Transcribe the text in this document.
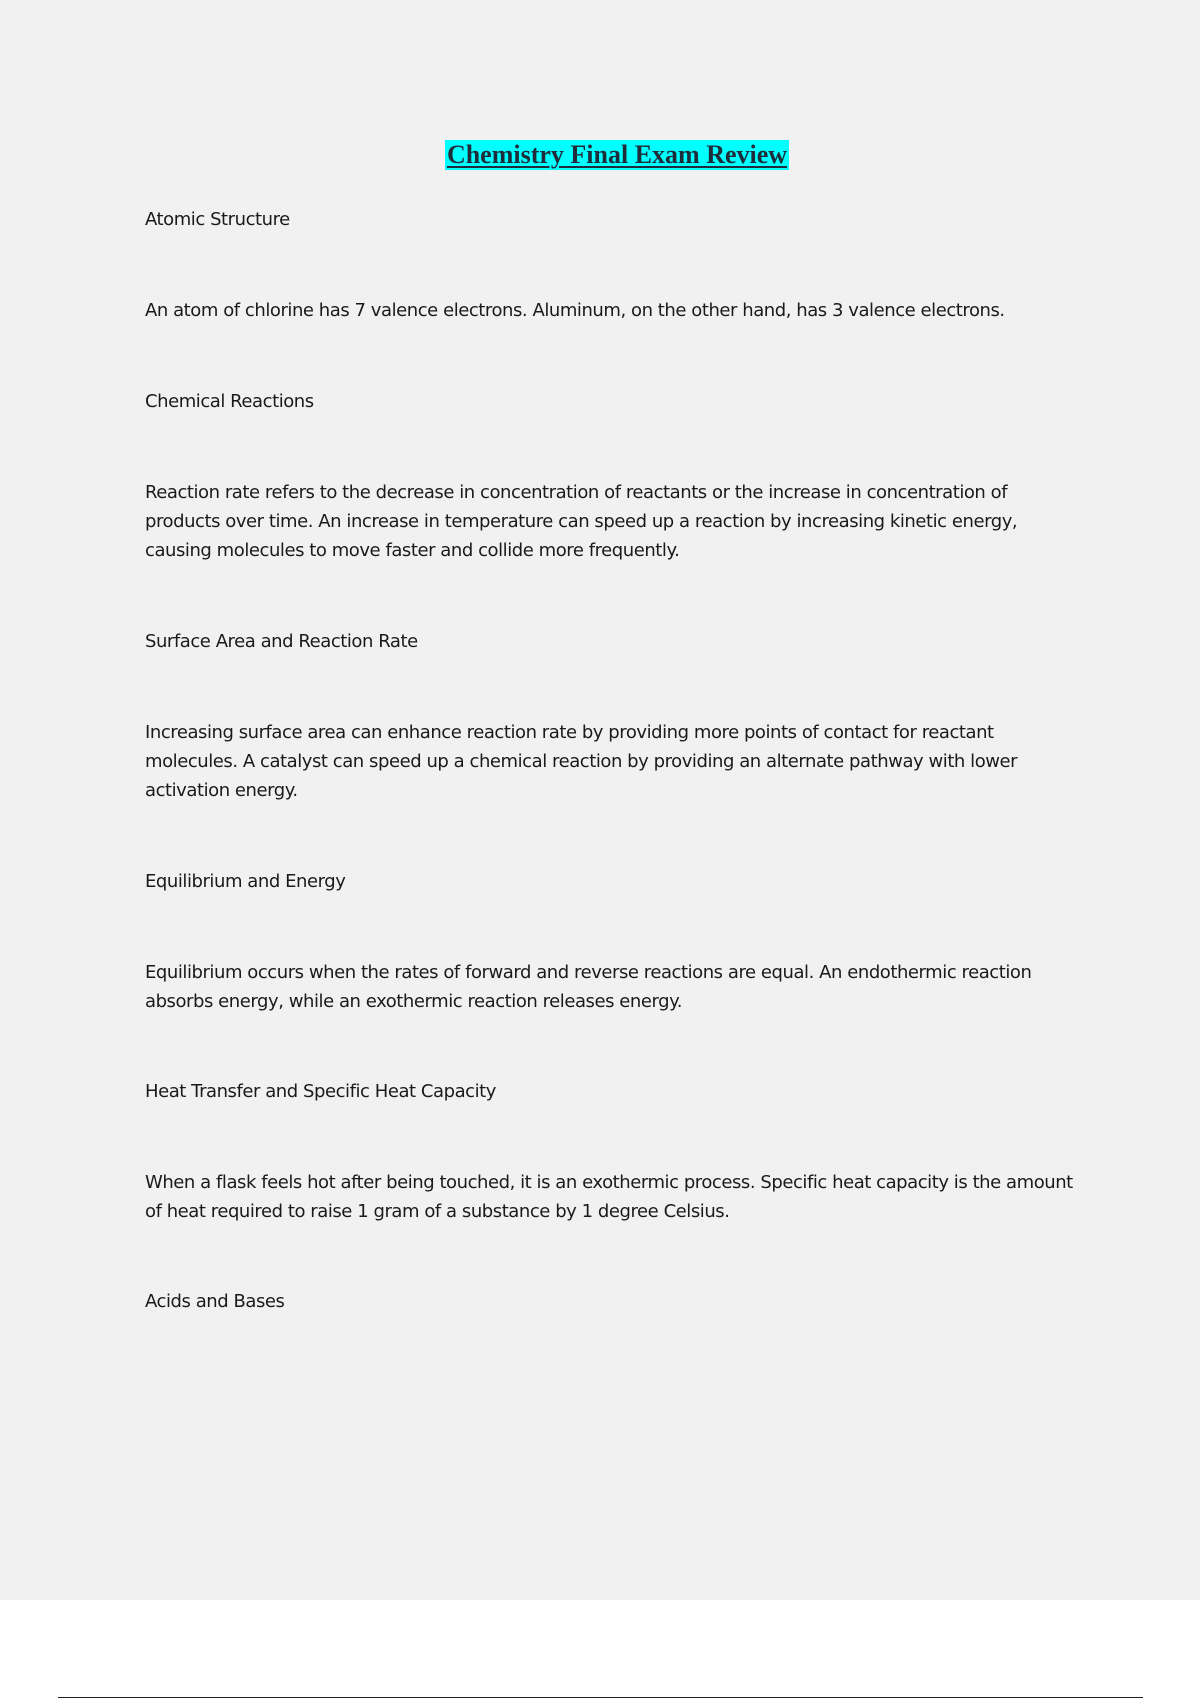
Chemistry Final Exam Review

Atomic Structure

An atom of chlorine has 7 valence electrons. Aluminum, on the other hand, has 3 valence electrons.

Chemical Reactions

Reaction rate refers to the decrease in concentration of reactants or the increase in concentration of products over time. An increase in temperature can speed up a reaction by increasing kinetic energy, causing molecules to move faster and collide more frequently.

Surface Area and Reaction Rate

Increasing surface area can enhance reaction rate by providing more points of contact for reactant molecules. A catalyst can speed up a chemical reaction by providing an alternate pathway with lower activation energy.

Equilibrium and Energy

Equilibrium occurs when the rates of forward and reverse reactions are equal. An endothermic reaction absorbs energy, while an exothermic reaction releases energy.

Heat Transfer and Specific Heat Capacity

When a flask feels hot after being touched, it is an exothermic process. Specific heat capacity is the amount of heat required to raise 1 gram of a substance by 1 degree Celsius.

Acids and Bases
